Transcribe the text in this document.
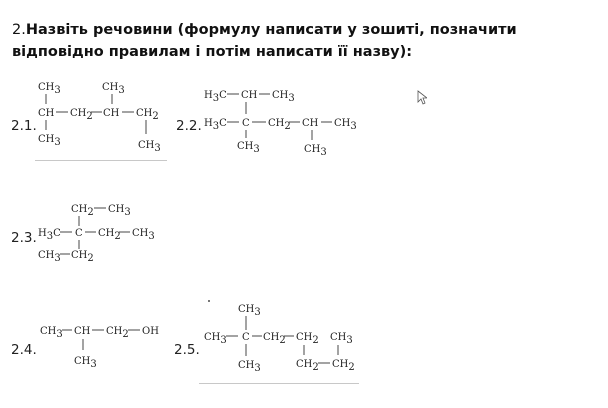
2.Назвіть речовини (формулу написати у зошиті, позначити відповідно правилам і потім написати її назву):
2.1.
CH3	CH3
CH CH2 CH CH2
CH3	CH3
2.2.
H3C CH CH3
H3C C CH2 CH CH3
CH3	CH3
2.3.
CH2 CH3
H3C C CH2 CH3
CH3 CH2
2.4.
CH3 CH CH2 OH
CH3
2.5.
CH3
CH3 C CH2 CH2 CH3
CH3	CH2 CH2
